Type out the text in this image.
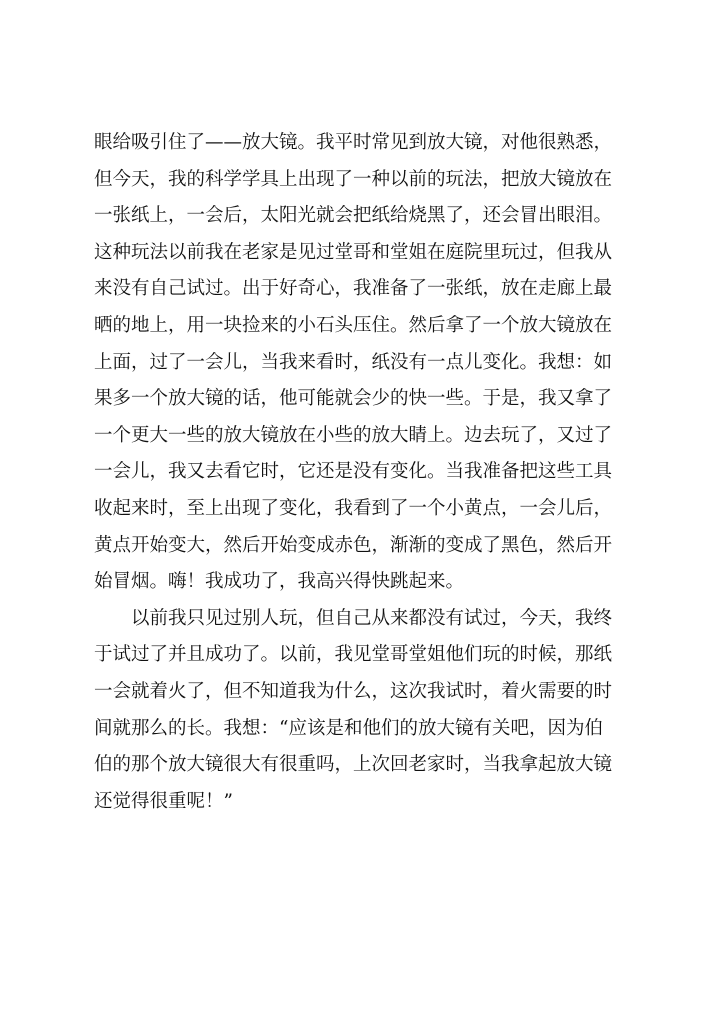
眼给吸引住了——放大镜。我平时常见到放大镜，对他很熟悉，
但今天，我的科学学具上出现了一种以前的玩法，把放大镜放在
一张纸上，一会后，太阳光就会把纸给烧黑了，还会冒出眼泪。
这种玩法以前我在老家是见过堂哥和堂姐在庭院里玩过，但我从
来没有自己试过。出于好奇心，我准备了一张纸，放在走廊上最
晒的地上，用一块捡来的小石头压住。然后拿了一个放大镜放在
上面，过了一会儿，当我来看时，纸没有一点儿变化。我想：如
果多一个放大镜的话，他可能就会少的快一些。于是，我又拿了
一个更大一些的放大镜放在小些的放大睛上。边去玩了，又过了
一会儿，我又去看它时，它还是没有变化。当我准备把这些工具
收起来时，至上出现了变化，我看到了一个小黄点，一会儿后，
黄点开始变大，然后开始变成赤色，渐渐的变成了黑色，然后开
始冒烟。嗨！我成功了，我高兴得快跳起来。
以前我只见过别人玩，但自己从来都没有试过，今天，我终
于试过了并且成功了。以前，我见堂哥堂姐他们玩的时候，那纸
一会就着火了，但不知道我为什么，这次我试时，着火需要的时
间就那么的长。我想：“应该是和他们的放大镜有关吧，因为伯
伯的那个放大镜很大有很重吗，上次回老家时，当我拿起放大镜
还觉得很重呢！”
